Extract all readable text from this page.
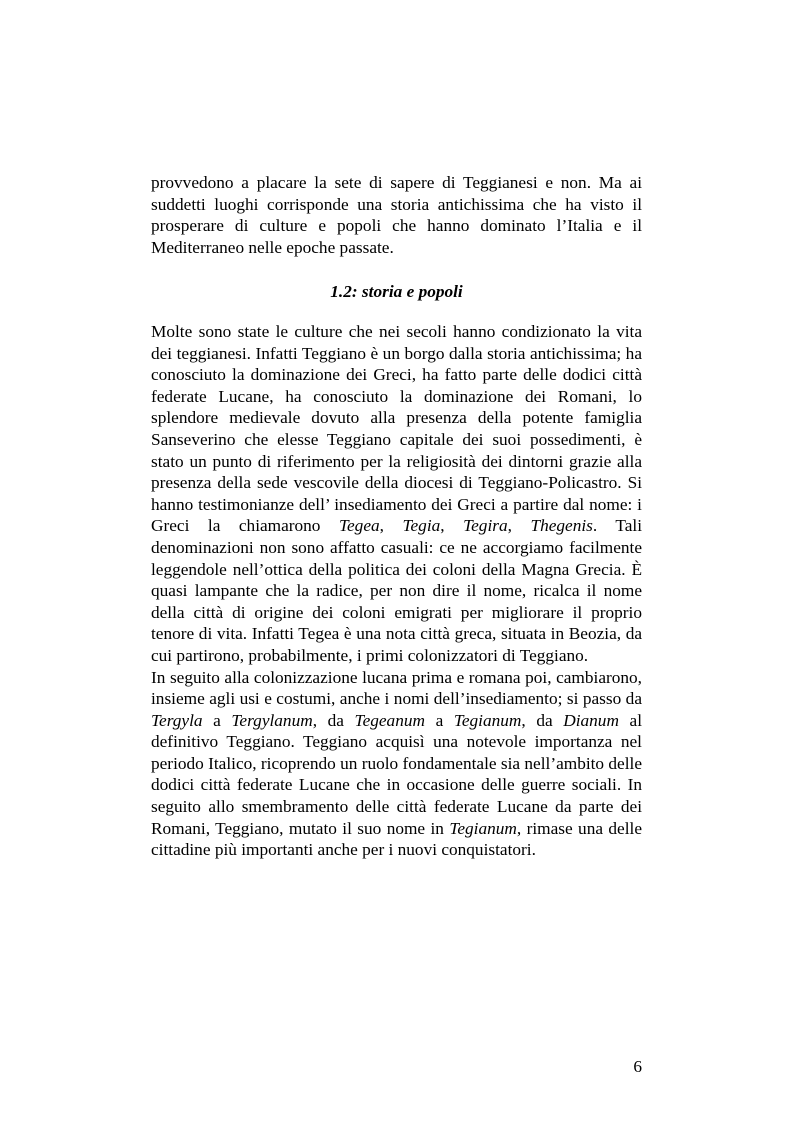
provvedono a placare la sete di sapere di Teggianesi e non. Ma ai suddetti luoghi corrisponde una storia antichissima che ha visto il prosperare di culture e popoli che hanno dominato l’Italia e il Mediterraneo nelle epoche passate.

1.2: storia e popoli

Molte sono state le culture che nei secoli hanno condizionato la vita dei teggianesi. Infatti Teggiano è un borgo dalla storia antichissima; ha conosciuto la dominazione dei Greci, ha fatto parte delle dodici città federate Lucane, ha conosciuto la dominazione dei Romani, lo splendore medievale dovuto alla presenza della potente famiglia Sanseverino che elesse Teggiano capitale dei suoi possedimenti, è stato un punto di riferimento per la religiosità dei dintorni grazie alla presenza della sede vescovile della diocesi di Teggiano-Policastro. Si hanno testimonianze dell’ insediamento dei Greci a partire dal nome: i Greci la chiamarono Tegea, Tegia, Tegira, Thegenis. Tali denominazioni non sono affatto casuali: ce ne accorgiamo facilmente leggendole nell’ottica della politica dei coloni della Magna Grecia. È quasi lampante che la radice, per non dire il nome, ricalca il nome della città di origine dei coloni emigrati per migliorare il proprio tenore di vita. Infatti Tegea è una nota città greca, situata in Beozia, da cui partirono, probabilmente, i primi colonizzatori di Teggiano.

In seguito alla colonizzazione lucana prima e romana poi, cambiarono, insieme agli usi e costumi, anche i nomi dell’insediamento; si passo da Tergyla a Tergylanum, da Tegeanum a Tegianum, da Dianum al definitivo Teggiano. Teggiano acquisì una notevole importanza nel periodo Italico, ricoprendo un ruolo fondamentale sia nell’ambito delle dodici città federate Lucane che in occasione delle guerre sociali. In seguito allo smembramento delle città federate Lucane da parte dei Romani, Teggiano, mutato il suo nome in Tegianum, rimase una delle cittadine più importanti anche per i nuovi conquistatori.

6
